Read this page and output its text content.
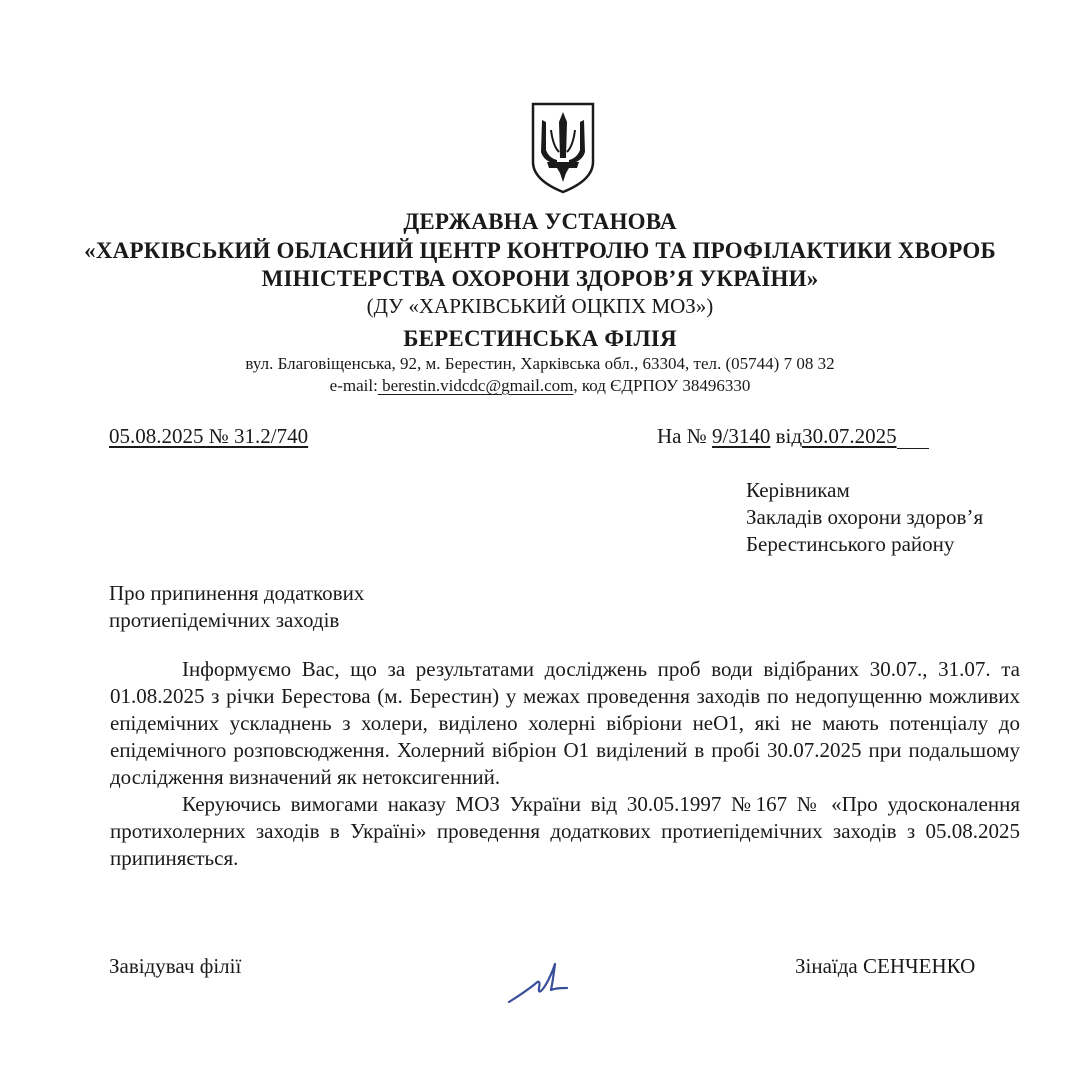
ДЕРЖАВНА УСТАНОВА
«ХАРКІВСЬКИЙ ОБЛАСНИЙ ЦЕНТР КОНТРОЛЮ ТА ПРОФІЛАКТИКИ ХВОРОБ
МІНІСТЕРСТВА ОХОРОНИ ЗДОРОВ’Я УКРАЇНИ»
(ДУ «ХАРКІВСЬКИЙ ОЦКПХ МОЗ»)
БЕРЕСТИНСЬКА ФІЛІЯ
вул. Благовіщенська, 92, м. Берестин, Харківська обл., 63304, тел. (05744) 7 08 32
e-mail: berestin.vidcdc@gmail.com, код ЄДРПОУ 38496330
05.08.2025 № 31.2/740	На № 9/3140 від30.07.2025
Керівникам
Закладів охорони здоров’я
Берестинського району
Про припинення додаткових
протиепідемічних заходів

Інформуємо Вас, що за результатами досліджень проб води відібраних 30.07., 31.07. та 01.08.2025 з річки Берестова (м. Берестин) у межах проведення заходів по недопущенню можливих епідемічних ускладнень з холери, виділено холерні вібріони неО1, які не мають потенціалу до епідемічного розповсюдження. Холерний вібріон О1 виділений в пробі 30.07.2025 при подальшому дослідження визначений як нетоксигенний.

Керуючись вимогами наказу МОЗ України від 30.05.1997 №167 № «Про удосконалення протихолерних заходів в Україні» проведення додаткових протиепідемічних заходів з 05.08.2025 припиняється.

Завідувач філії	Зінаїда СЕНЧЕНКО
